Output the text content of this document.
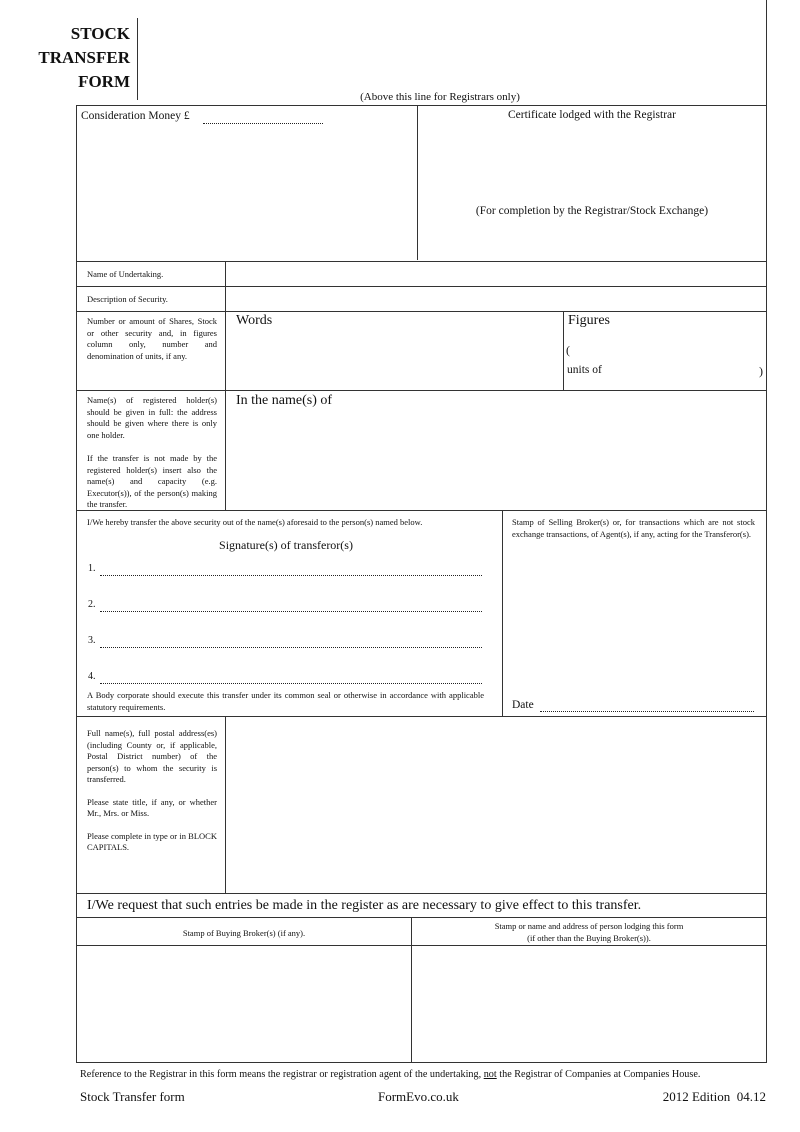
STOCK
TRANSFER
FORM
(Above this line for Registrars only)
Consideration Money £	Certificate lodged with the Registrar
(For completion by the Registrar/Stock Exchange)
Name of Undertaking.
Description of Security.
Number or amount of Shares, Stock or other security and, in figures column only, number and denomination of units, if any.
Words	Figures
(
units of	)
Name(s) of registered holder(s) should be given in full: the address should be given where there is only one holder.
If the transfer is not made by the registered holder(s) insert also the name(s) and capacity (e.g. Executor(s)), of the person(s) making the transfer.
In the name(s) of
I/We hereby transfer the above security out of the name(s) aforesaid to the person(s) named below.
Signature(s) of transferor(s)
1.
2.
3.
4.
A Body corporate should execute this transfer under its common seal or otherwise in accordance with applicable statutory requirements.
Stamp of Selling Broker(s) or, for transactions which are not stock exchange transactions, of Agent(s), if any, acting for the Transferor(s).
Date
Full name(s), full postal address(es) (including County or, if applicable, Postal District number) of the person(s) to whom the security is transferred.
Please state title, if any, or whether Mr., Mrs. or Miss.
Please complete in type or in BLOCK CAPITALS.
I/We request that such entries be made in the register as are necessary to give effect to this transfer.
Stamp of Buying Broker(s) (if any).
Stamp or name and address of person lodging this form
(if other than the Buying Broker(s)).
Reference to the Registrar in this form means the registrar or registration agent of the undertaking, not the Registrar of Companies at Companies House.
Stock Transfer form	FormEvo.co.uk	2012 Edition  04.12
